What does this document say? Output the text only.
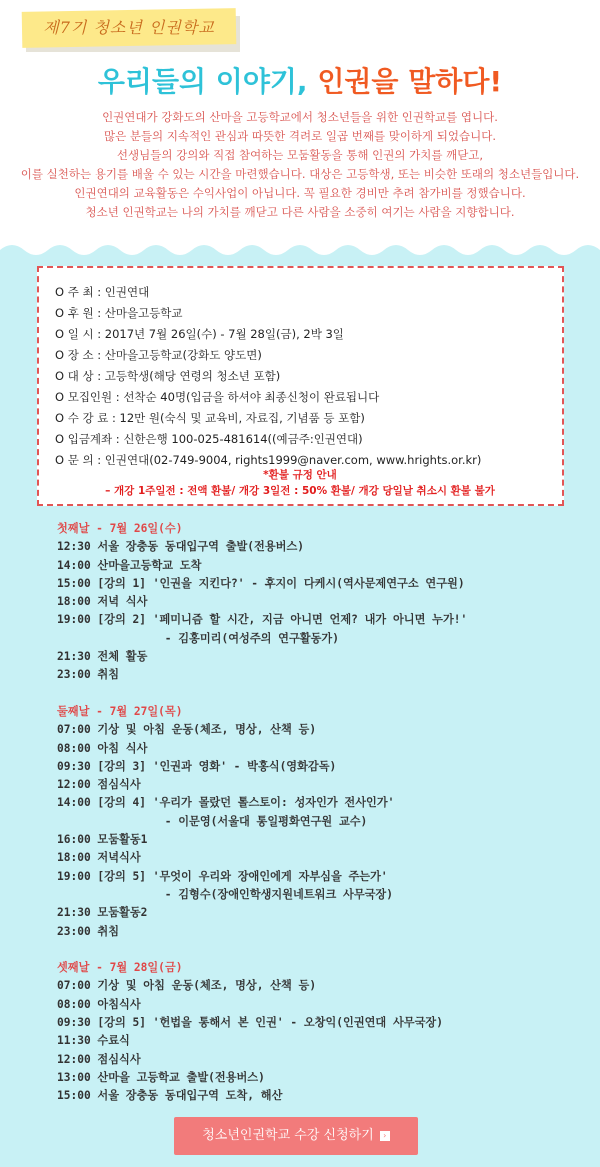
제7기 청소년 인권학교
우리들의 이야기, 인권을 말하다!
인권연대가 강화도의 산마을 고등학교에서 청소년들을 위한 인권학교를 엽니다.
많은 분들의 지속적인 관심과 따뜻한 격려로 일곱 번째를 맞이하게 되었습니다.
선생님들의 강의와 직접 참여하는 모둠활동을 통해 인권의 가치를 깨닫고,
이를 실천하는 용기를 배울 수 있는 시간을 마련했습니다. 대상은 고등학생, 또는 비슷한 또래의 청소년들입니다.
인권연대의 교육활동은 수익사업이 아닙니다. 꼭 필요한 경비만 추려 참가비를 정했습니다.
청소년 인권학교는 나의 가치를 깨닫고 다른 사람을 소중히 여기는 사람을 지향합니다.
O 주 최 : 인권연대
O 후 원 : 산마을고등학교
O 일 시 : 2017년 7월 26일(수) - 7월 28일(금), 2박 3일
O 장 소 : 산마을고등학교(강화도 양도면)
O 대 상 : 고등학생(해당 연령의 청소년 포함)
O 모집인원 : 선착순 40명(입금을 하셔야 최종신청이 완료됩니다
O 수 강 료 : 12만 원(숙식 및 교육비, 자료집, 기념품 등 포함)
O 입금계좌 : 신한은행 100-025-481614((예금주:인권연대)
O 문 의 : 인권연대(02-749-9004, rights1999@naver.com, www.hrights.or.kr)
*환불 규정 안내
– 개강 1주일전 : 전액 환불/ 개강 3일전 : 50% 환불/ 개강 당일날 취소시 환불 불가
첫째날 - 7월 26일(수)
12:30 서울 장충동 동대입구역 출발(전용버스)
14:00 산마을고등학교 도착
15:00 [강의 1] '인권을 지킨다?' - 후지이 다케시(역사문제연구소 연구원)
18:00 저녁 식사
19:00 [강의 2] '페미니즘 할 시간, 지금 아니면 언제? 내가 아니면 누가!'
- 김홍미리(여성주의 연구활동가)
21:30 전체 활동
23:00 취침
둘째날 - 7월 27일(목)
07:00 기상 및 아침 운동(체조, 명상, 산책 등)
08:00 아침 식사
09:30 [강의 3] '인권과 영화' - 박홍식(영화감독)
12:00 점심식사
14:00 [강의 4] '우리가 몰랐던 톨스토이: 성자인가 전사인가'
- 이문영(서울대 통일평화연구원 교수)
16:00 모둠활동1
18:00 저녁식사
19:00 [강의 5] '무엇이 우리와 장애인에게 자부심을 주는가'
- 김형수(장애인학생지원네트워크 사무국장)
21:30 모둠활동2
23:00 취침
셋째날 - 7월 28일(금)
07:00 기상 및 아침 운동(체조, 명상, 산책 등)
08:00 아침식사
09:30 [강의 5] '헌법을 통해서 본 인권' - 오창익(인권연대 사무국장)
11:30 수료식
12:00 점심식사
13:00 산마을 고등학교 출발(전용버스)
15:00 서울 장충동 동대입구역 도착, 해산
청소년인권학교 수강 신청하기 ›
